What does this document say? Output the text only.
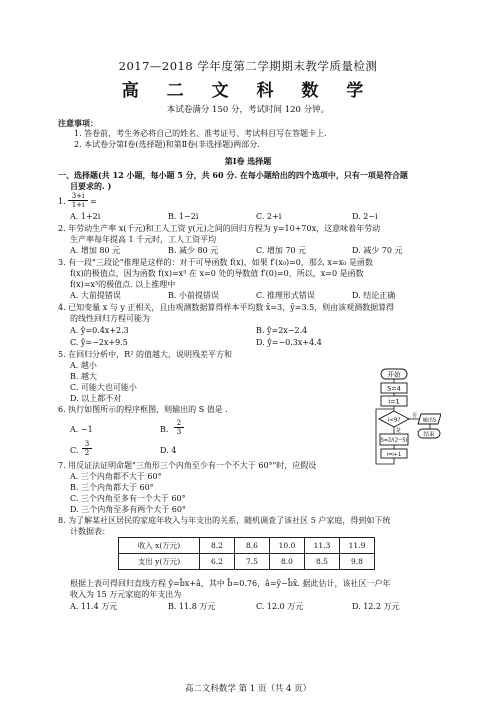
2017—2018 学年度第二学期期末教学质量检测
高 二 文 科 数 学
本试卷满分 150 分，考试时间 120 分钟。
注意事项：
1. 答卷前，考生务必将自己的姓名、准考证号、考试科目写在答题卡上.
2. 本试卷分第Ⅰ卷(选择题)和第Ⅱ卷(非选择题)两部分.
第Ⅰ卷 选择题
一、选择题(共 12 小题，每小题 5 分，共 60 分. 在每小题给出的四个选项中，只有一项是符合题
目要求的. )
1. $\frac{3+i}{1+i}$ =
A. 1+2i	B. 1−2i	C. 2+i	D. 2−i
2. 年劳动生产率 x(千元)和工人工资 y(元)之间的回归方程为 y=10+70x，这意味着年劳动
生产率每年提高 1 千元时，工人工资平均
A. 增加 80 元	B. 减少 80 元	C. 增加 70 元	D. 减少 70 元
3. 有一段"三段论"推理是这样的：对于可导函数 f(x)，如果 f′(x₀)=0，那么 x=x₀ 是函数
f(x)的极值点，因为函数 f(x)=x³ 在 x=0 处的导数值 f′(0)=0，所以，x=0 是函数
f(x)=x³的极值点. 以上推理中
A. 大前提错误	B. 小前提错误	C. 推理形式错误	D. 结论正确
4. 已知变量 x 与 y 正相关，且由观测数据算得样本平均数 x̄=3，ȳ=3.5，则由该观测数据算得
的线性回归方程可能为
A. ŷ=0.4x+2.3	B. ŷ=2x−2.4
C. ŷ=−2x+9.5	D. ŷ=−0.3x+4.4
5. 在回归分析中，R² 的值越大，说明残差平方和
A. 越小
B. 越大
C. 可能大也可能小
D. 以上都不对
6. 执行如图所示的程序框图，则输出的 S 值是 .
A. −1	B. $\frac{2}{3}$
C. $\frac{3}{2}$	D. 4
开始
S=4
i=1
i<9?
否
输出S
结束
是
S=2/(2−S)
i=i+1
7. 用反证法证明命题"三角形三个内角至少有一个不大于 60°"时，应假设
A. 三个内角都不大于 60°
B. 三个内角都大于 60°
C. 三个内角至多有一个大于 60°
D. 三个内角至多有两个大于 60°
8. 为了解某社区居民的家庭年收入与年支出的关系，随机调查了该社区 5 户家庭，得到如下统
计数据表：
收入 x(万元)	8.2	8.6	10.0	11.3	11.9
支出 y(万元)	6.2	7.5	8.0	8.5	9.8
根据上表可得回归直线方程 ŷ=b̂x+â，其中 b̂=0.76，â=ȳ−b̂x̄. 据此估计，该社区一户年
收入为 15 万元家庭的年支出为
A. 11.4 万元	B. 11.8 万元	C. 12.0 万元	D. 12.2 万元
高二文科数学 第 1 页（共 4 页）
